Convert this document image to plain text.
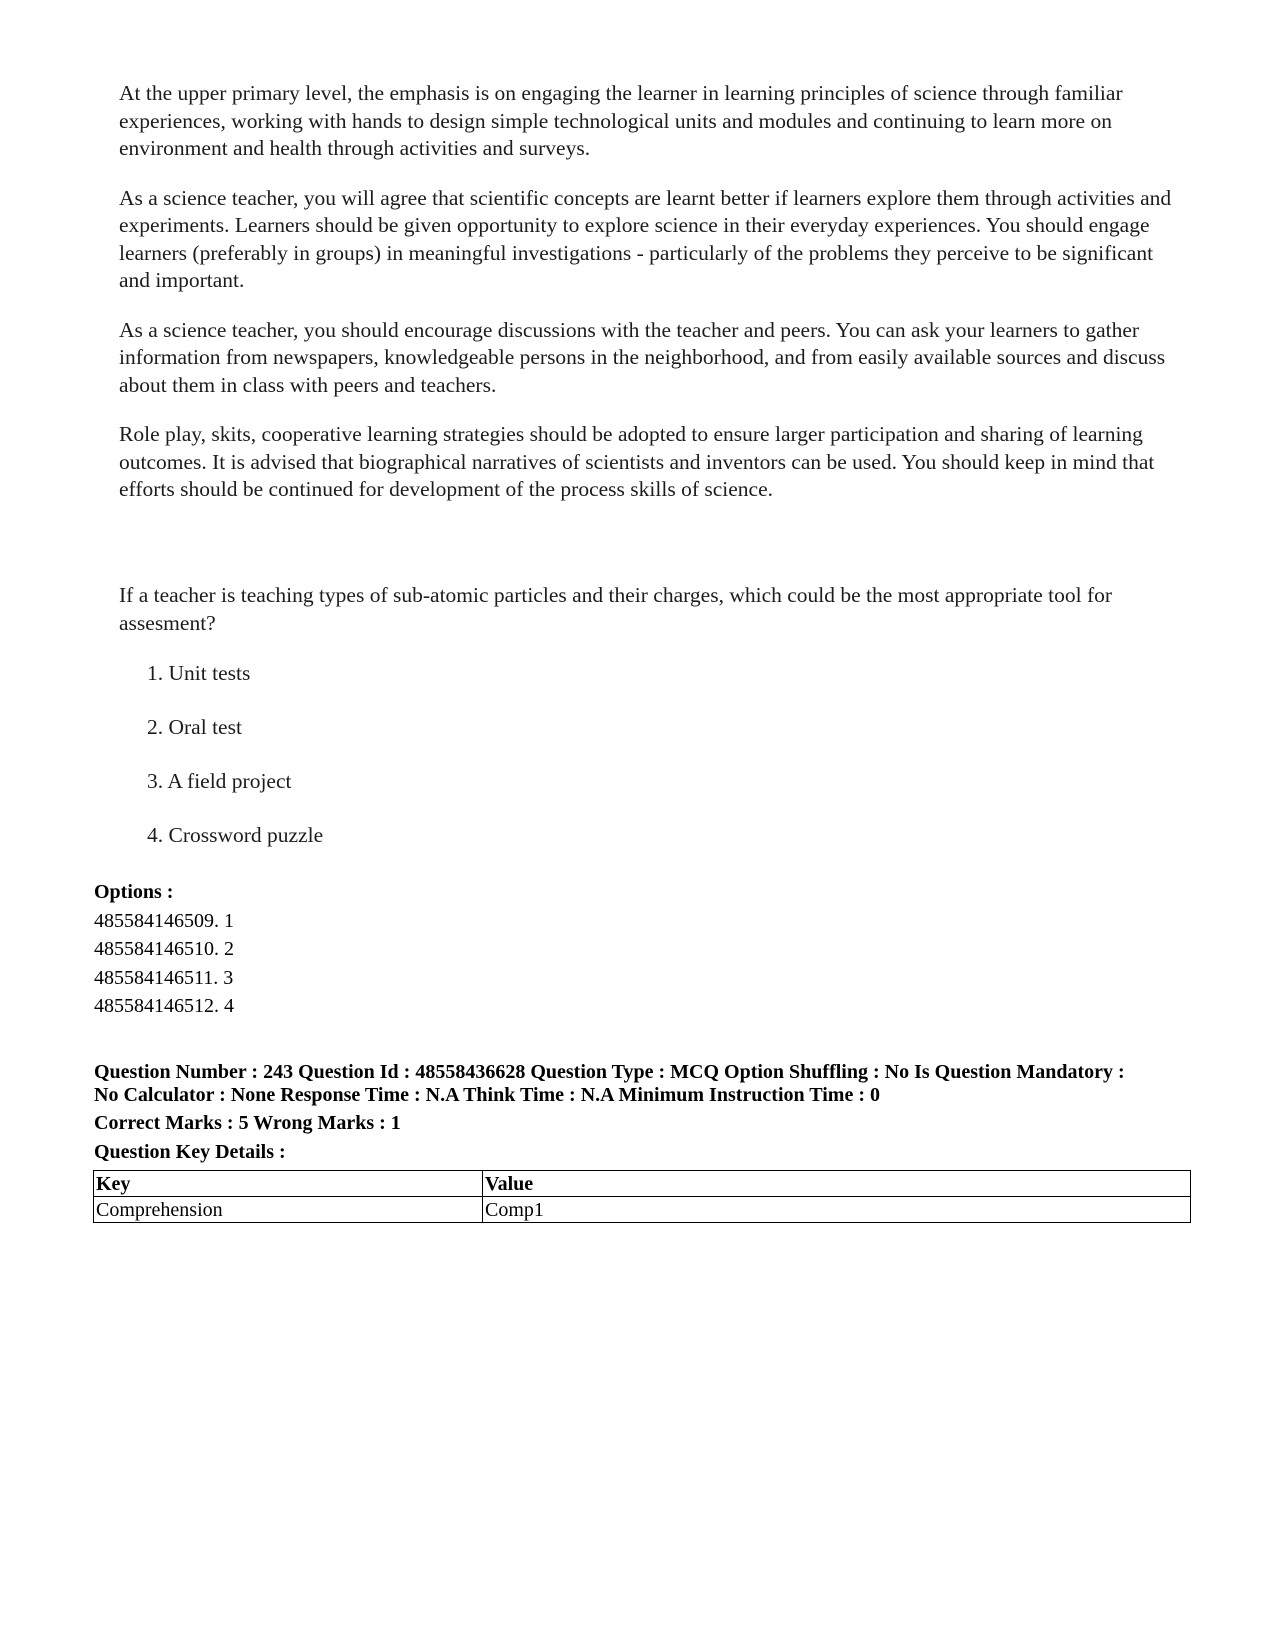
At the upper primary level, the emphasis is on engaging the learner in learning principles of science through familiar experiences, working with hands to design simple technological units and modules and continuing to learn more on environment and health through activities and surveys.

As a science teacher, you will agree that scientific concepts are learnt better if learners explore them through activities and experiments. Learners should be given opportunity to explore science in their everyday experiences. You should engage learners (preferably in groups) in meaningful investigations - particularly of the problems they perceive to be significant and important.

As a science teacher, you should encourage discussions with the teacher and peers. You can ask your learners to gather information from newspapers, knowledgeable persons in the neighborhood, and from easily available sources and discuss about them in class with peers and teachers.

Role play, skits, cooperative learning strategies should be adopted to ensure larger participation and sharing of learning outcomes. It is advised that biographical narratives of scientists and inventors can be used. You should keep in mind that efforts should be continued for development of the process skills of science.

If a teacher is teaching types of sub-atomic particles and their charges, which could be the most appropriate tool for assesment?
1. Unit tests
2. Oral test
3. A field project
4. Crossword puzzle
Options :
485584146509. 1
485584146510. 2
485584146511. 3
485584146512. 4
Question Number : 243 Question Id : 48558436628 Question Type : MCQ Option Shuffling : No Is Question Mandatory :
No Calculator : None Response Time : N.A Think Time : N.A Minimum Instruction Time : 0
Correct Marks : 5 Wrong Marks : 1
Question Key Details :
Key	Value
Comprehension	Comp1
